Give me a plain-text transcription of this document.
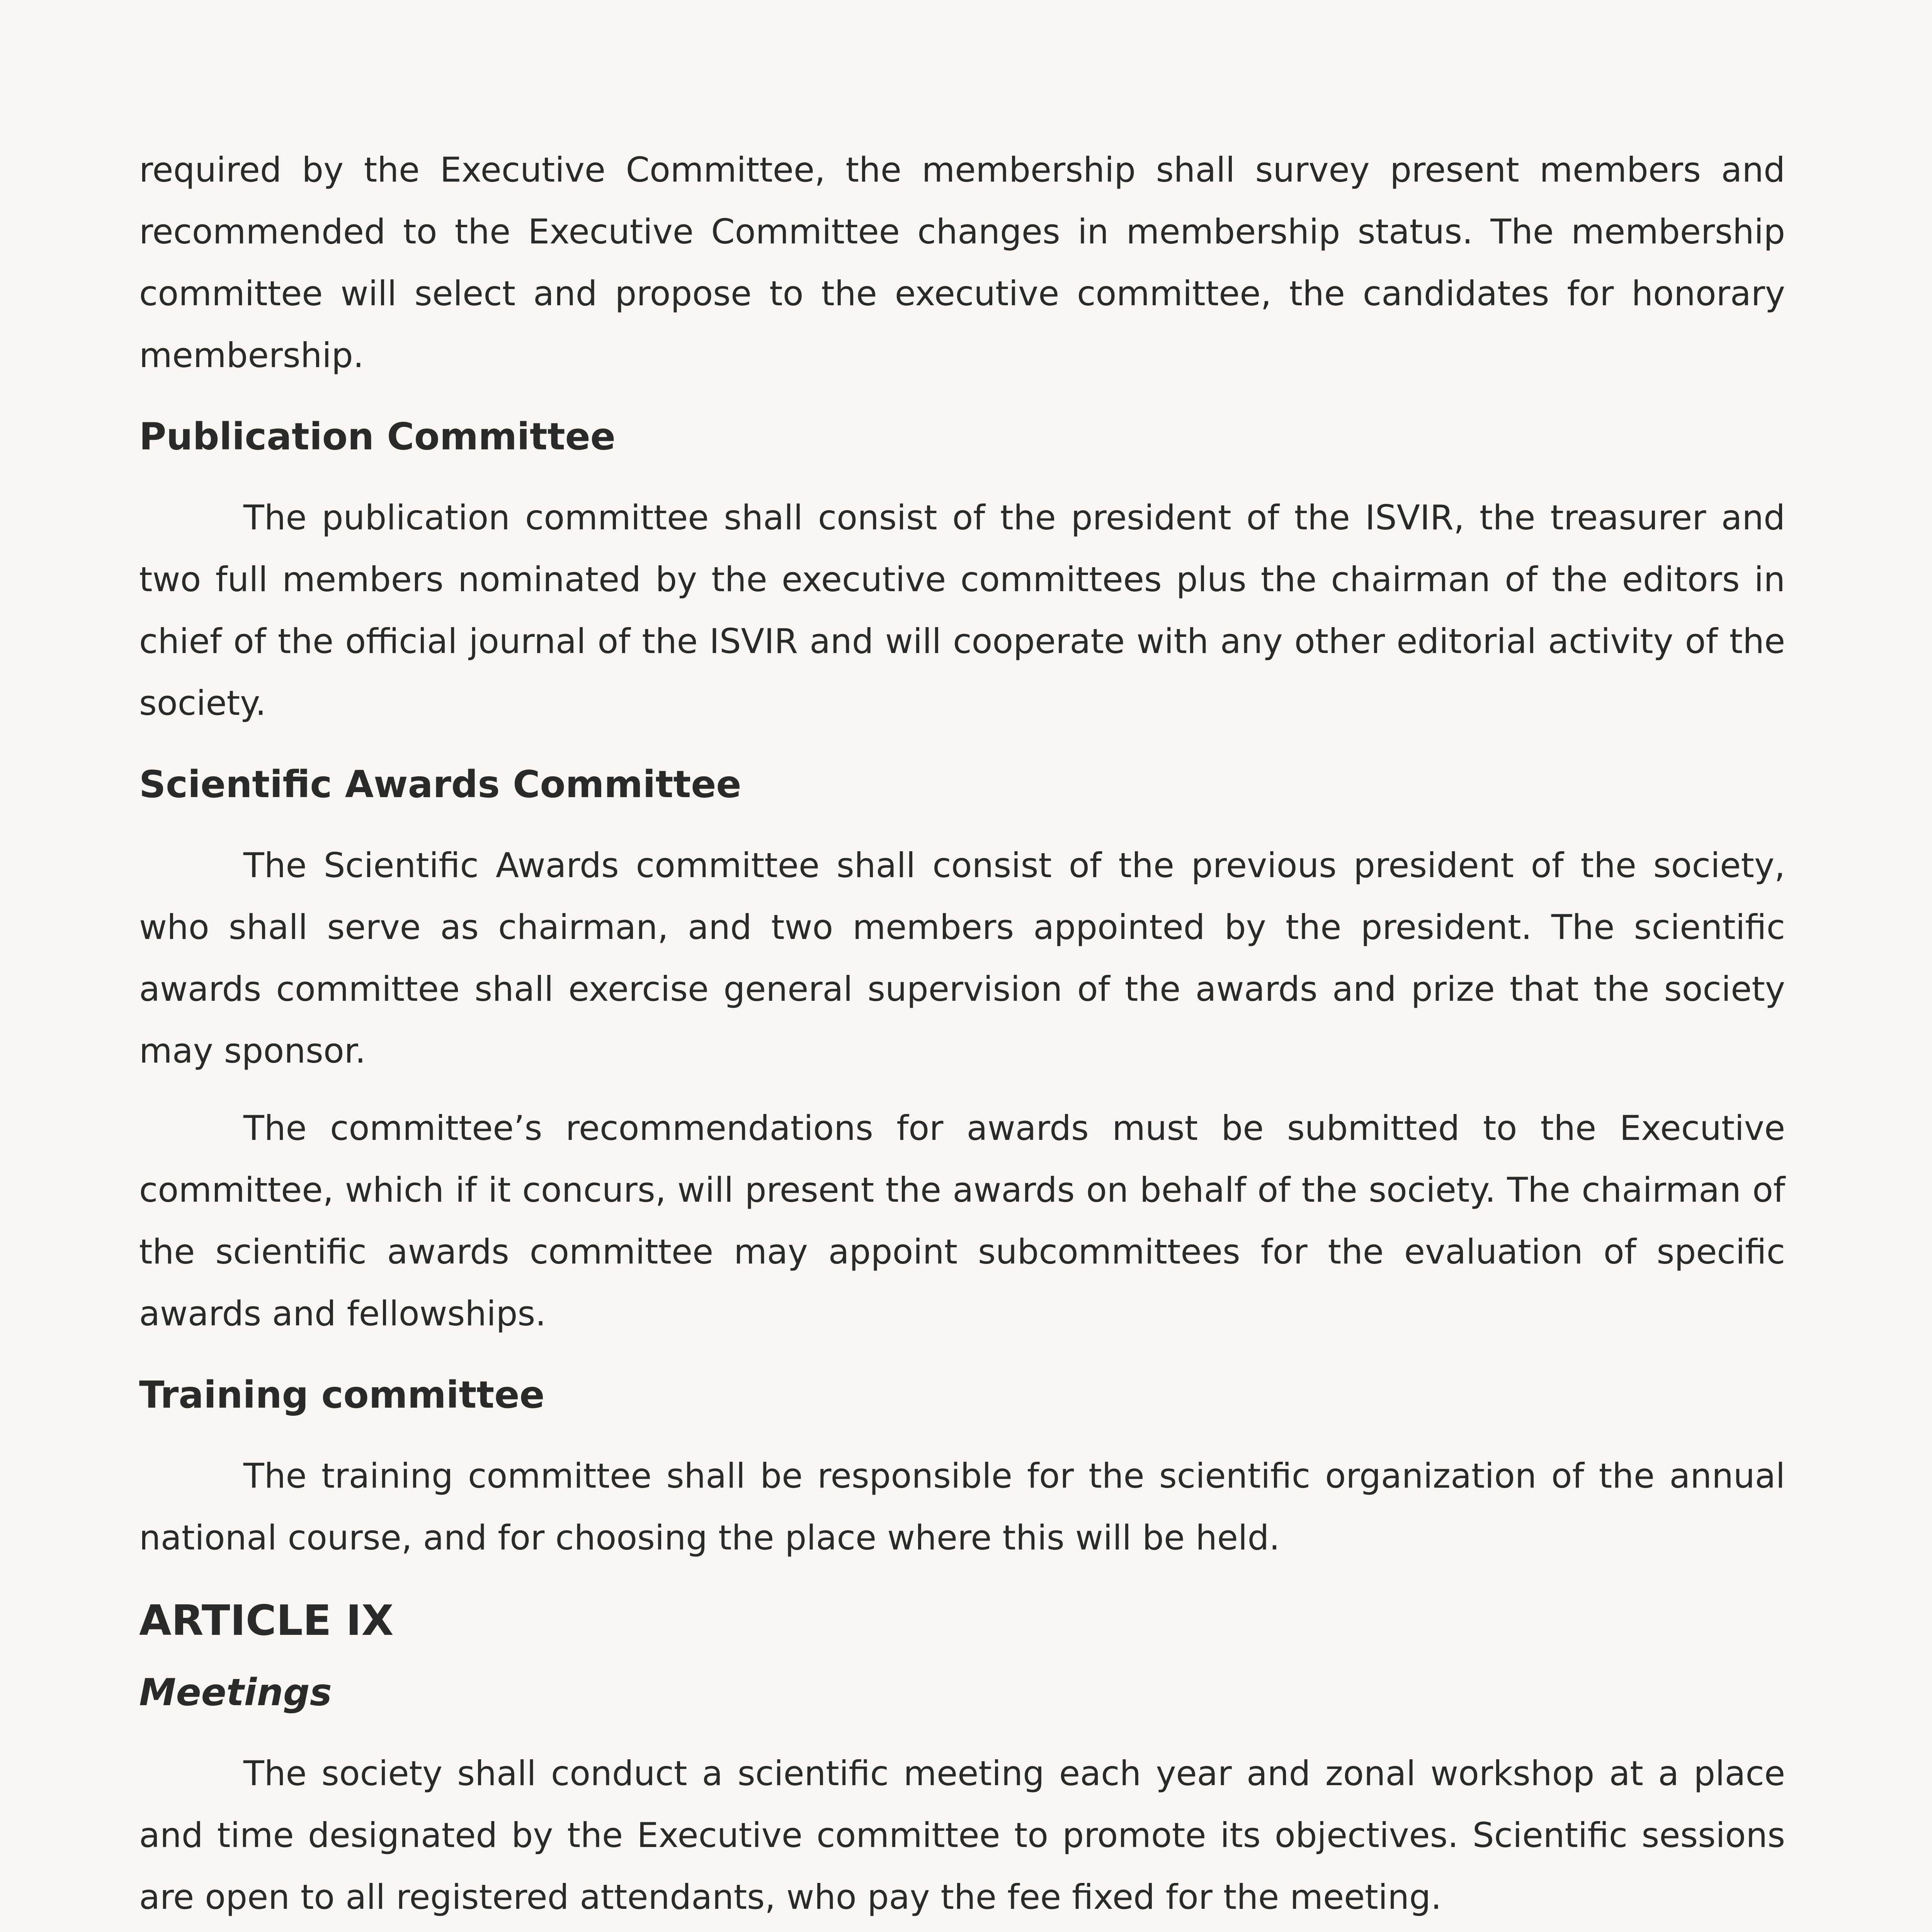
required by the Executive Committee, the membership shall survey present members and recommended to the Executive Committee changes in membership status. The membership committee will select and propose to the executive committee, the candidates for honorary membership.

Publication Committee

The publication committee shall consist of the president of the ISVIR, the treasurer and two full members nominated by the executive committees plus the chairman of the editors in chief of the official journal of the ISVIR and will cooperate with any other editorial activity of the society.

Scientific Awards Committee

The Scientific Awards committee shall consist of the previous president of the society, who shall serve as chairman, and two members appointed by the president. The scientific awards committee shall exercise general supervision of the awards and prize that the society may sponsor.

The committee’s recommendations for awards must be submitted to the Executive committee, which if it concurs, will present the awards on behalf of the society. The chairman of the scientific awards committee may appoint subcommittees for the evaluation of specific awards and fellowships.

Training committee

The training committee shall be responsible for the scientific organization of the annual national course, and for choosing the place where this will be held.

ARTICLE IX
Meetings

The society shall conduct a scientific meeting each year and zonal workshop at a place and time designated by the Executive committee to promote its objectives. Scientific sessions are open to all registered attendants, who pay the fee fixed for the meeting.
